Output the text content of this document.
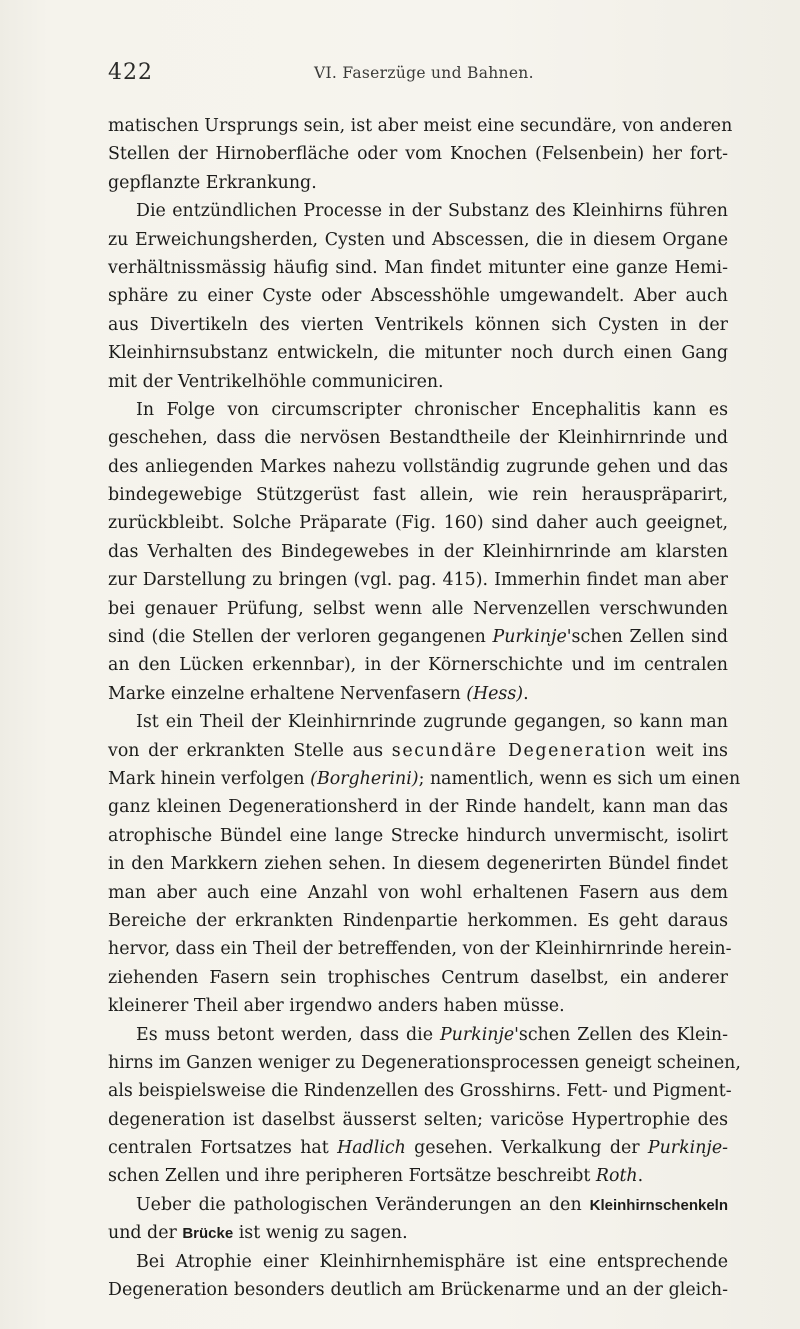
422	VI. Faserzüge und Bahnen.
matischen Ursprungs sein, ist aber meist eine secundäre, von anderen
Stellen der Hirnoberfläche oder vom Knochen (Felsenbein) her fort-
gepflanzte Erkrankung.
Die entzündlichen Processe in der Substanz des Kleinhirns führen
zu Erweichungsherden, Cysten und Abscessen, die in diesem Organe
verhältnissmässig häufig sind. Man findet mitunter eine ganze Hemi-
sphäre zu einer Cyste oder Abscesshöhle umgewandelt. Aber auch
aus Divertikeln des vierten Ventrikels können sich Cysten in der
Kleinhirnsubstanz entwickeln, die mitunter noch durch einen Gang
mit der Ventrikelhöhle communiciren.
In Folge von circumscripter chronischer Encephalitis kann es
geschehen, dass die nervösen Bestandtheile der Kleinhirnrinde und
des anliegenden Markes nahezu vollständig zugrunde gehen und das
bindegewebige Stützgerüst fast allein, wie rein herauspräparirt,
zurückbleibt. Solche Präparate (Fig. 160) sind daher auch geeignet,
das Verhalten des Bindegewebes in der Kleinhirnrinde am klarsten
zur Darstellung zu bringen (vgl. pag. 415). Immerhin findet man aber
bei genauer Prüfung, selbst wenn alle Nervenzellen verschwunden
sind (die Stellen der verloren gegangenen Purkinje'schen Zellen sind
an den Lücken erkennbar), in der Körnerschichte und im centralen
Marke einzelne erhaltene Nervenfasern (Hess).
Ist ein Theil der Kleinhirnrinde zugrunde gegangen, so kann man
von der erkrankten Stelle aus secundäre Degeneration weit ins
Mark hinein verfolgen (Borgherini); namentlich, wenn es sich um einen
ganz kleinen Degenerationsherd in der Rinde handelt, kann man das
atrophische Bündel eine lange Strecke hindurch unvermischt, isolirt
in den Markkern ziehen sehen. In diesem degenerirten Bündel findet
man aber auch eine Anzahl von wohl erhaltenen Fasern aus dem
Bereiche der erkrankten Rindenpartie herkommen. Es geht daraus
hervor, dass ein Theil der betreffenden, von der Kleinhirnrinde herein-
ziehenden Fasern sein trophisches Centrum daselbst, ein anderer
kleinerer Theil aber irgendwo anders haben müsse.
Es muss betont werden, dass die Purkinje'schen Zellen des Klein-
hirns im Ganzen weniger zu Degenerationsprocessen geneigt scheinen,
als beispielsweise die Rindenzellen des Grosshirns. Fett- und Pigment-
degeneration ist daselbst äusserst selten; varicöse Hypertrophie des
centralen Fortsatzes hat Hadlich gesehen. Verkalkung der Purkinje-
schen Zellen und ihre peripheren Fortsätze beschreibt Roth.
Ueber die pathologischen Veränderungen an den Kleinhirnschenkeln
und der Brücke ist wenig zu sagen.
Bei Atrophie einer Kleinhirnhemisphäre ist eine entsprechende
Degeneration besonders deutlich am Brückenarme und an der gleich-
